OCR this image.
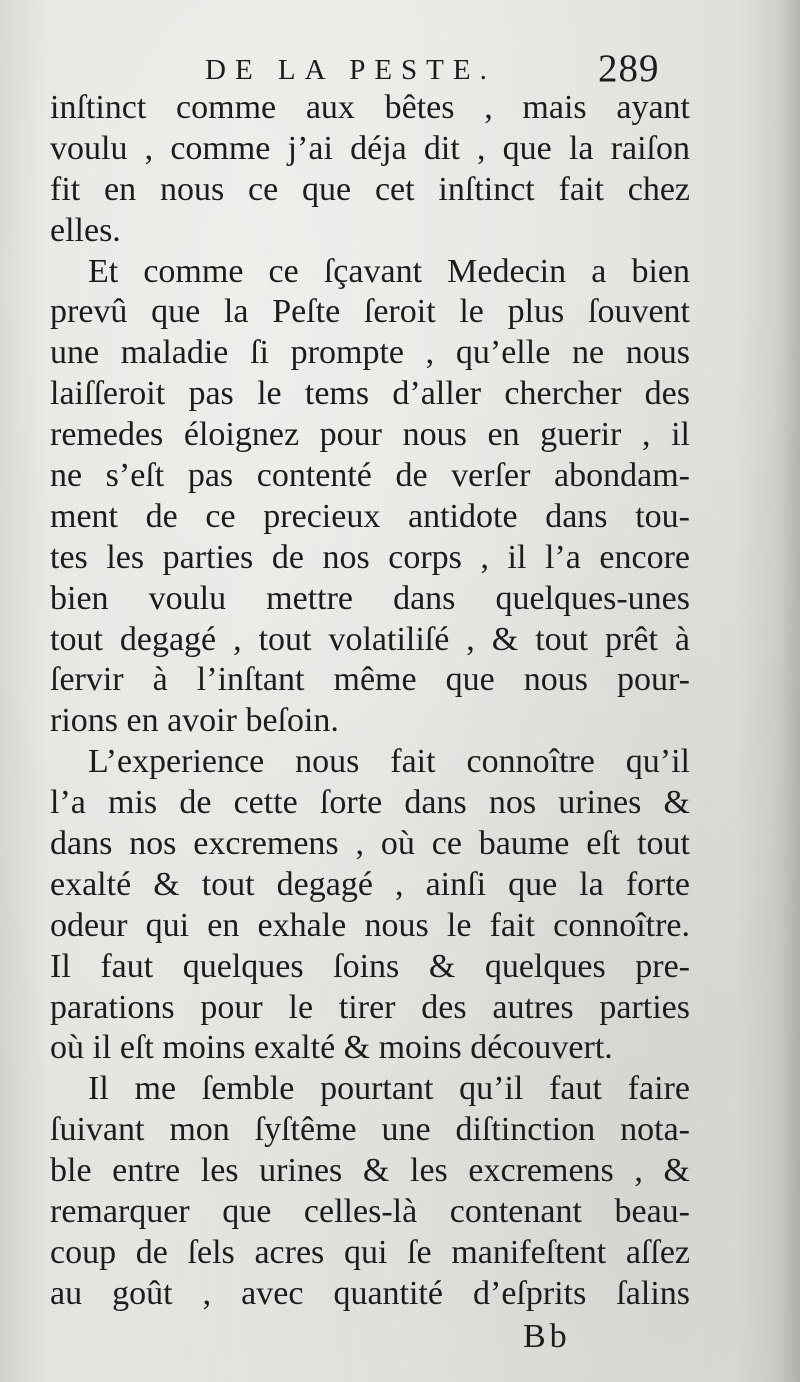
DE LA PESTE.	289
inſtinct comme aux bêtes , mais ayant
voulu , comme j’ai déja dit , que la raiſon
fit en nous ce que cet inſtinct fait chez
elles.
Et comme ce ſçavant Medecin a bien
prevû que la Peſte ſeroit le plus ſouvent
une maladie ſi prompte , qu’elle ne nous
laiſſeroit pas le tems d’aller chercher des
remedes éloignez pour nous en guerir , il
ne s’eſt pas contenté de verſer abondam-
ment de ce precieux antidote dans tou-
tes les parties de nos corps , il l’a encore
bien voulu mettre dans quelques-unes
tout degagé , tout volatiliſé , & tout prêt à
ſervir à l’inſtant même que nous pour-
rions en avoir beſoin.
L’experience nous fait connoître qu’il
l’a mis de cette ſorte dans nos urines &
dans nos excremens , où ce baume eſt tout
exalté & tout degagé , ainſi que la forte
odeur qui en exhale nous le fait connoître.
Il faut quelques ſoins & quelques pre-
parations pour le tirer des autres parties
où il eſt moins exalté & moins découvert.
Il me ſemble pourtant qu’il faut faire
ſuivant mon ſyſtême une diſtinction nota-
ble entre les urines & les excremens , &
remarquer que celles-là contenant beau-
coup de ſels acres qui ſe manifeſtent aſſez
au goût , avec quantité d’eſprits ſalins
Bb
